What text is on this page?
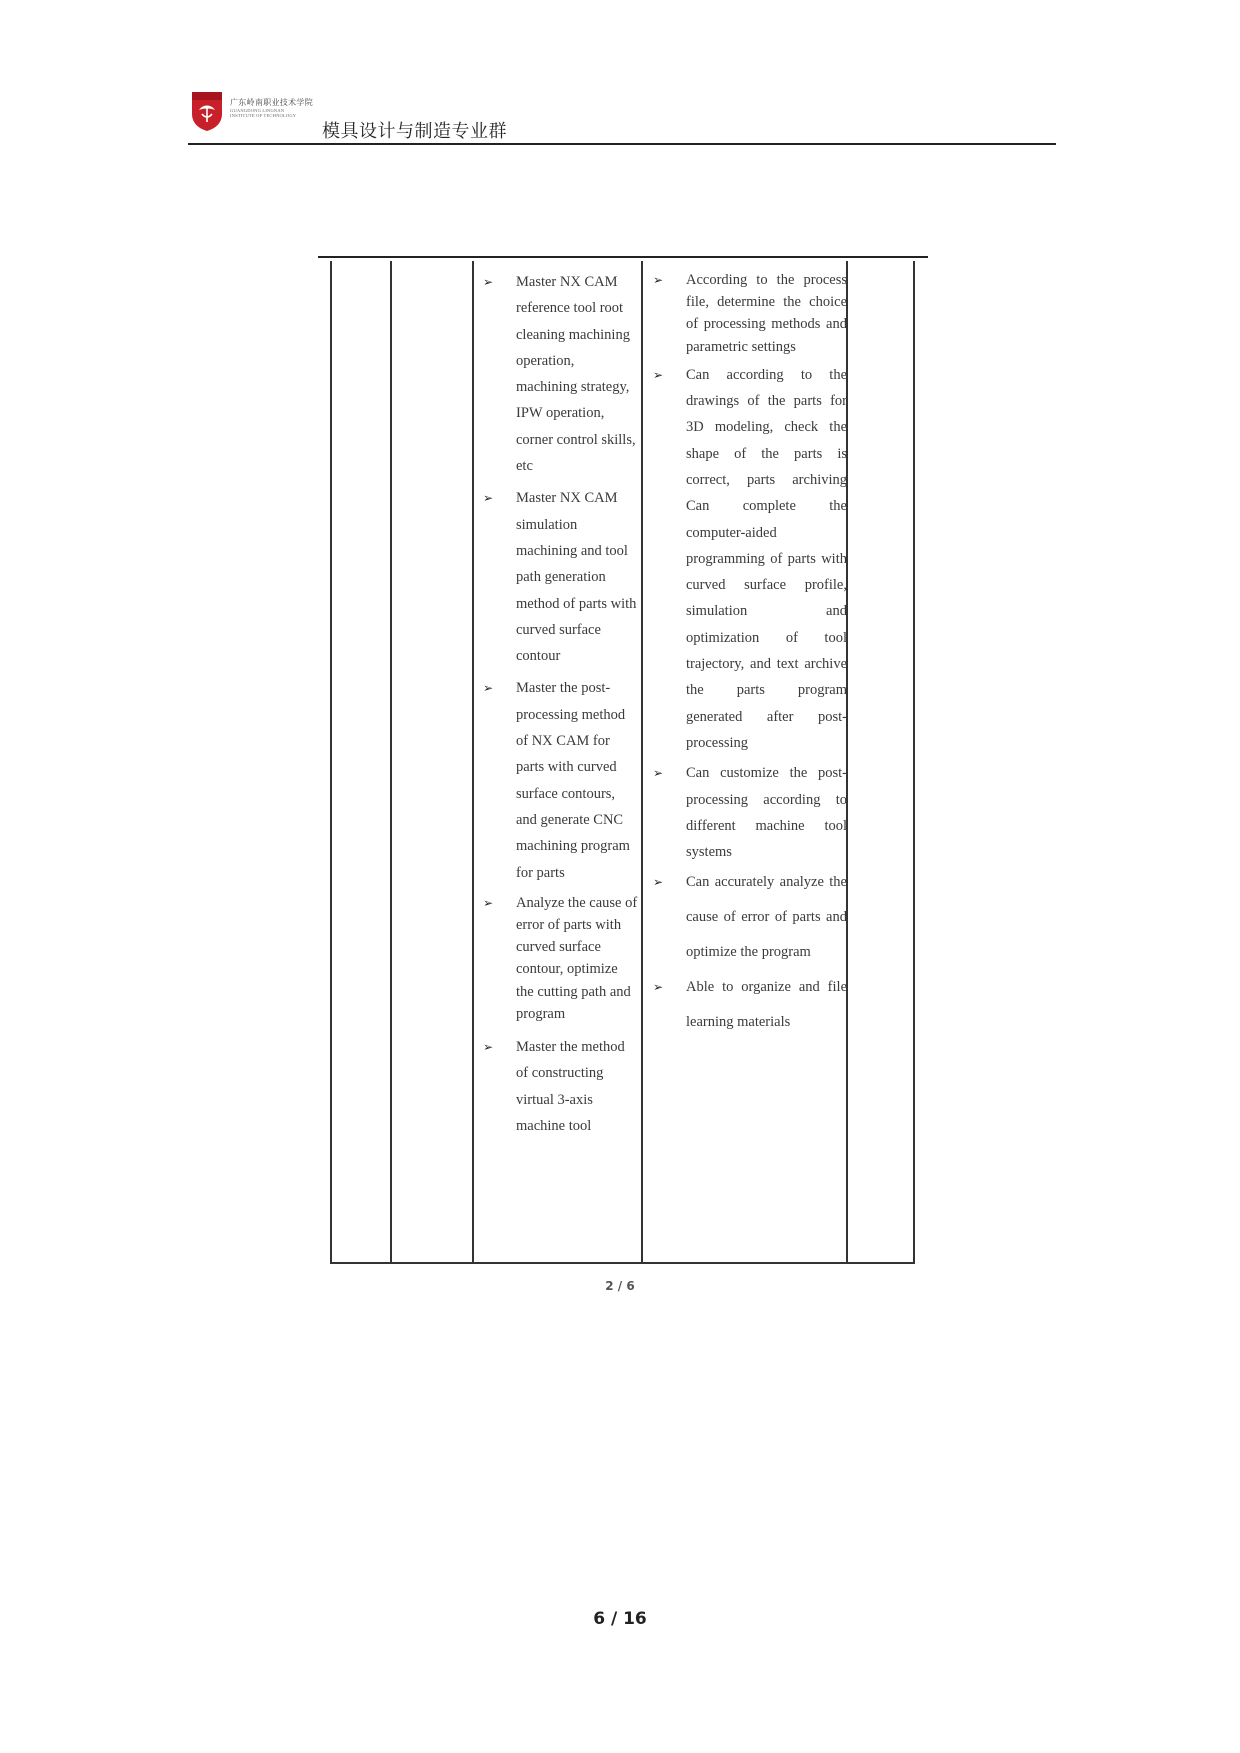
广东岭南职业技术学院
GUANGDONG LINGNAN
INSTITUTE OF TECHNOLOGY
模具设计与制造专业群
➢ Master NX CAM reference tool root cleaning machining operation, machining strategy, IPW operation, corner control skills, etc
➢ Master NX CAM simulation machining and tool path generation method of parts with curved surface contour
➢ Master the post-processing method of NX CAM for parts with curved surface contours, and generate CNC machining program for parts
➢ Analyze the cause of error of parts with curved surface contour, optimize the cutting path and program
➢ Master the method of constructing virtual 3-axis machine tool
➢ According to the process file, determine the choice of processing methods and parametric settings
➢ Can according to the drawings of the parts for 3D modeling, check the shape of the parts is correct, parts archiving Can complete the computer-aided programming of parts with curved surface profile, simulation and optimization of tool trajectory, and text archive the parts program generated after post-processing
➢ Can customize the post-processing according to different machine tool systems
➢ Can accurately analyze the cause of error of parts and optimize the program
➢ Able to organize and file learning materials
2 / 6
6 / 16
